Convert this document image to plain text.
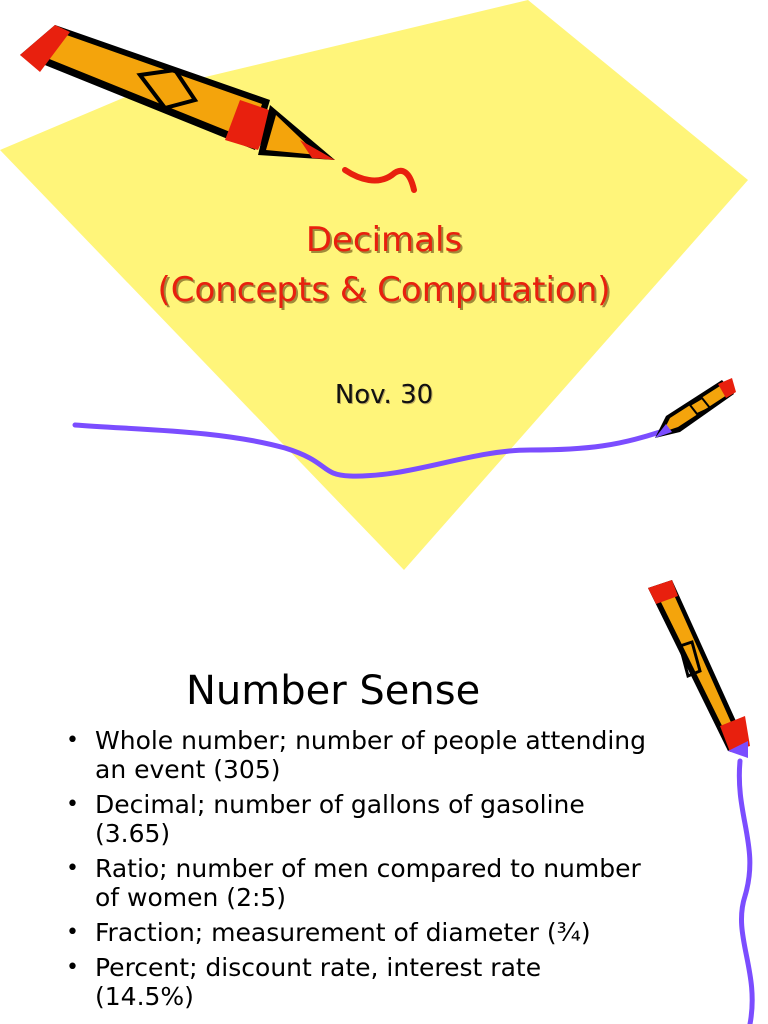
Decimals
(Concepts & Computation)
Nov. 30
Number Sense
• Whole number; number of people attending
an event (305)
• Decimal; number of gallons of gasoline
(3.65)
• Ratio; number of men compared to number
of women (2:5)
• Fraction; measurement of diameter (¾)
• Percent; discount rate, interest rate
(14.5%)
